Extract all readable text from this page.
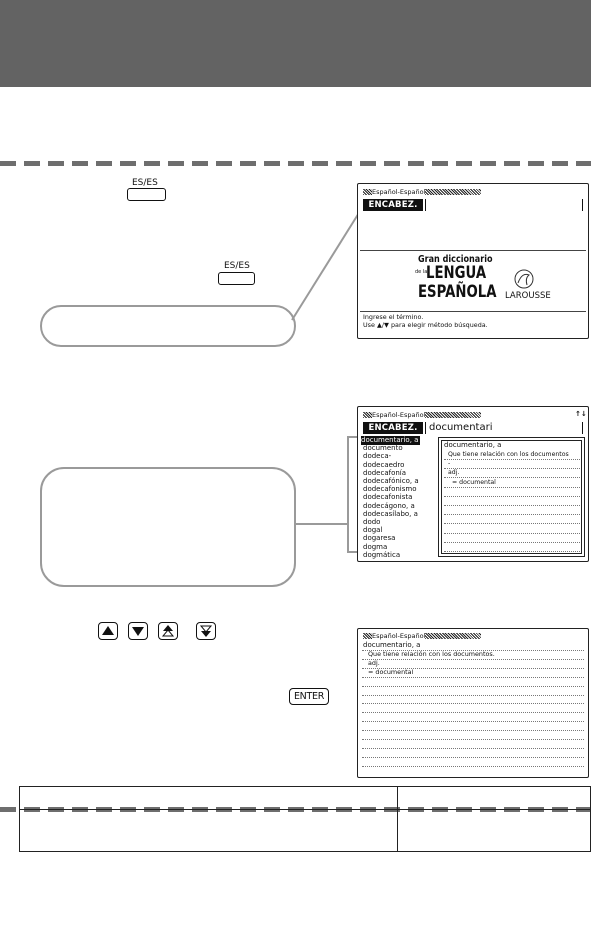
ES/ES
ES/ES
Español-Español
ENCABEZ.
Gran diccionario
de la
LENGUA
ESPAÑOLA LAROUSSE
Ingrese el término.
Use ▲/▼ para elegir método búsqueda.
Español-Español	↑↓
ENCABEZ.	documentari
documentario, a
documento
dodeca-
dodecaedro
dodecafonía
dodecafónico, a
dodecafonismo
dodecafonista
dodecágono, a
dodecasílabo, a
dodo
dogal
dogaresa
dogma
dogmática
documentario, a
Que tiene relación con los documentos
-
adj.
= documental
ENTER
Español-Español
documentario, a
Que tiene relación con los documentos.
adj.
= documental
